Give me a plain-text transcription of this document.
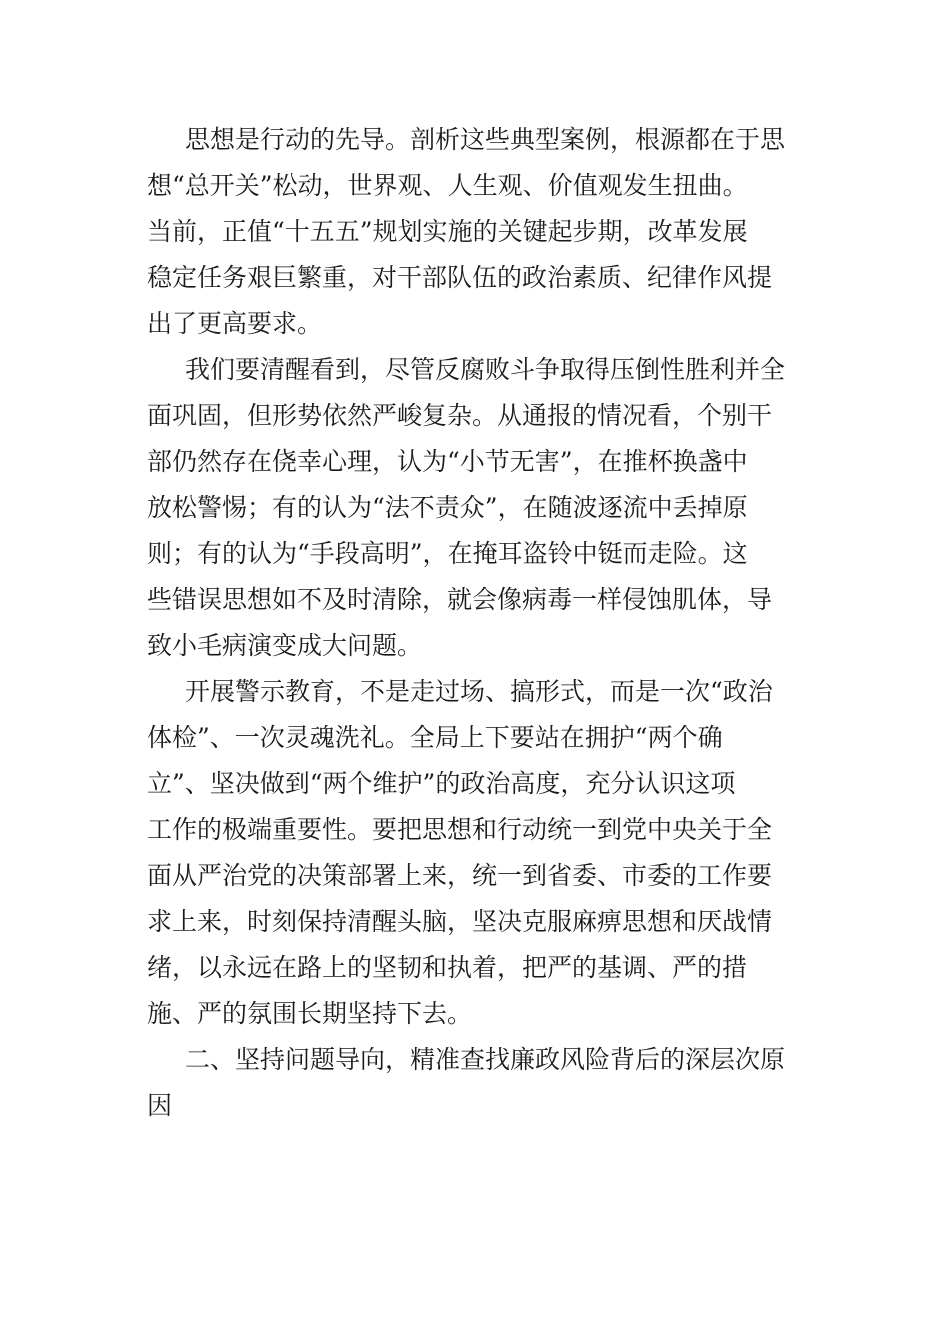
思想是行动的先导。剖析这些典型案例，根源都在于思

想“总开关”松动，世界观、人生观、价值观发生扭曲。

当前，正值“十五五”规划实施的关键起步期，改革发展

稳定任务艰巨繁重，对干部队伍的政治素质、纪律作风提

出了更高要求。

我们要清醒看到，尽管反腐败斗争取得压倒性胜利并全

面巩固，但形势依然严峻复杂。从通报的情况看，个别干

部仍然存在侥幸心理，认为“小节无害”，在推杯换盏中

放松警惕；有的认为“法不责众”，在随波逐流中丢掉原

则；有的认为“手段高明”，在掩耳盗铃中铤而走险。这

些错误思想如不及时清除，就会像病毒一样侵蚀肌体，导

致小毛病演变成大问题。

开展警示教育，不是走过场、搞形式，而是一次“政治

体检”、一次灵魂洗礼。全局上下要站在拥护“两个确

立”、坚决做到“两个维护”的政治高度，充分认识这项

工作的极端重要性。要把思想和行动统一到党中央关于全

面从严治党的决策部署上来，统一到省委、市委的工作要

求上来，时刻保持清醒头脑，坚决克服麻痹思想和厌战情

绪，以永远在路上的坚韧和执着，把严的基调、严的措

施、严的氛围长期坚持下去。

二、坚持问题导向，精准查找廉政风险背后的深层次原

因
